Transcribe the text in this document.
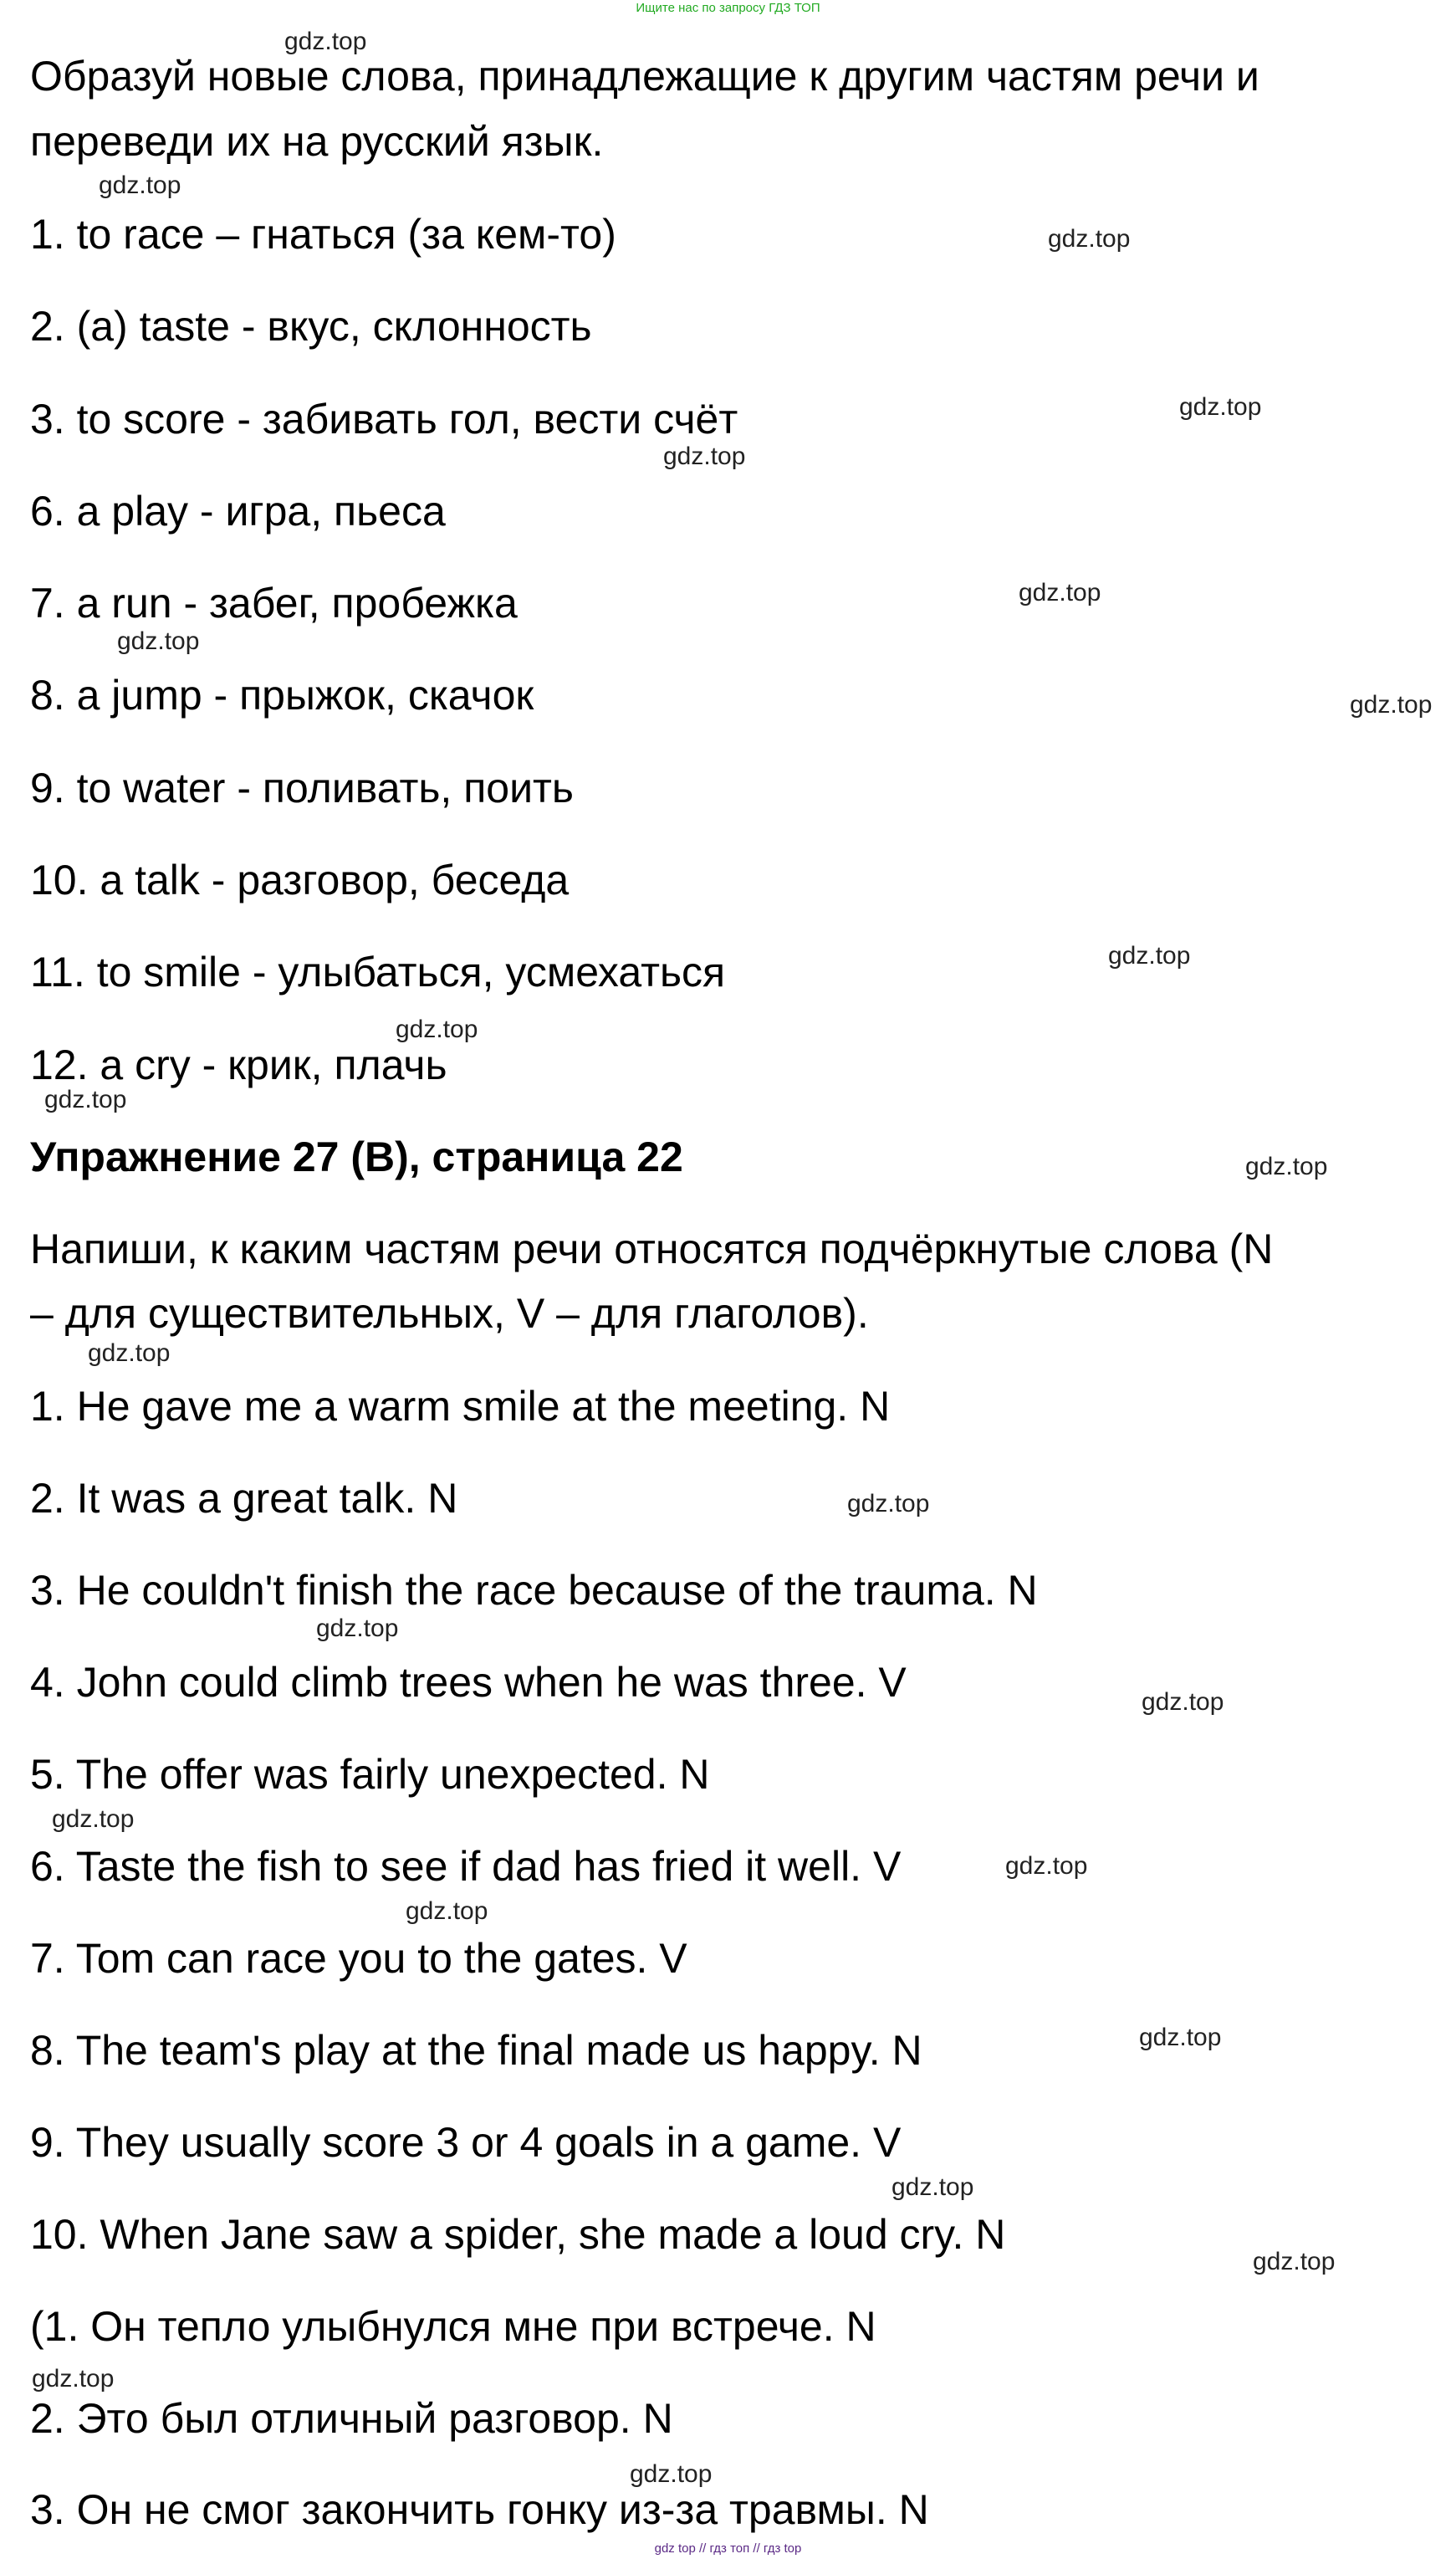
Ищите нас по запросу ГДЗ ТОП
Образуй новые слова, принадлежащие к другим частям речи и
переведи их на русский язык.
1. to race – гнаться (за кем-то)
2. (a) taste - вкус, склонность
3. to score - забивать гол, вести счёт
6. a play - игра, пьеса
7. a run - забег, пробежка
8. a jump - прыжок, скачок
9. to water - поливать, поить
10. a talk - разговор, беседа
11. to smile - улыбаться, усмехаться
12. a cry - крик, плачь
Упражнение 27 (B), страница 22
Напиши, к каким частям речи относятся подчёркнутые слова (N
– для существительных, V – для глаголов).
1. He gave me a warm smile at the meeting. N
2. It was a great talk. N
3. He couldn't finish the race because of the trauma. N
4. John could climb trees when he was three. V
5. The offer was fairly unexpected. N
6. Taste the fish to see if dad has fried it well. V
7. Tom can race you to the gates. V
8. The team's play at the final made us happy. N
9. They usually score 3 or 4 goals in a game. V
10. When Jane saw a spider, she made a loud cry. N
(1. Он тепло улыбнулся мне при встрече. N
2. Это был отличный разговор. N
3. Он не смог закончить гонку из-за травмы. N
gdz.top
gdz.top
gdz.top
gdz.top
gdz.top
gdz.top
gdz.top
gdz.top
gdz.top
gdz.top
gdz.top
gdz.top
gdz.top
gdz.top
gdz.top
gdz.top
gdz.top
gdz.top
gdz.top
gdz.top
gdz.top
gdz.top
gdz.top
gdz.top
gdz top // гдз топ // гдз top
